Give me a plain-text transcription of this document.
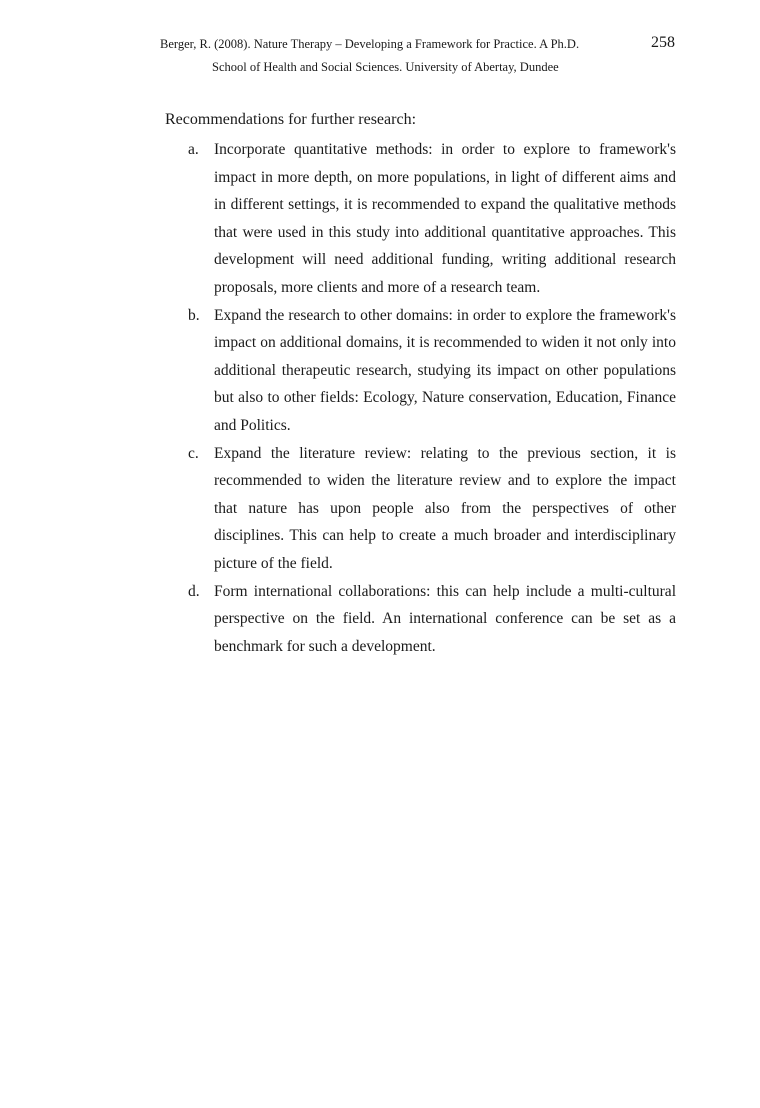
Berger, R. (2008). Nature Therapy – Developing a Framework for Practice. A Ph.D.	258
School of Health and Social Sciences. University of Abertay, Dundee
Recommendations for further research:
a. Incorporate quantitative methods: in order to explore to framework's impact in more depth, on more populations, in light of different aims and in different settings, it is recommended to expand the qualitative methods that were used in this study into additional quantitative approaches. This development will need additional funding, writing additional research proposals, more clients and more of a research team.
b. Expand the research to other domains: in order to explore the framework's impact on additional domains, it is recommended to widen it not only into additional therapeutic research, studying its impact on other populations but also to other fields: Ecology, Nature conservation, Education, Finance and Politics.
c. Expand the literature review: relating to the previous section, it is recommended to widen the literature review and to explore the impact that nature has upon people also from the perspectives of other disciplines. This can help to create a much broader and interdisciplinary picture of the field.
d. Form international collaborations: this can help include a multi-cultural perspective on the field. An international conference can be set as a benchmark for such a development.
